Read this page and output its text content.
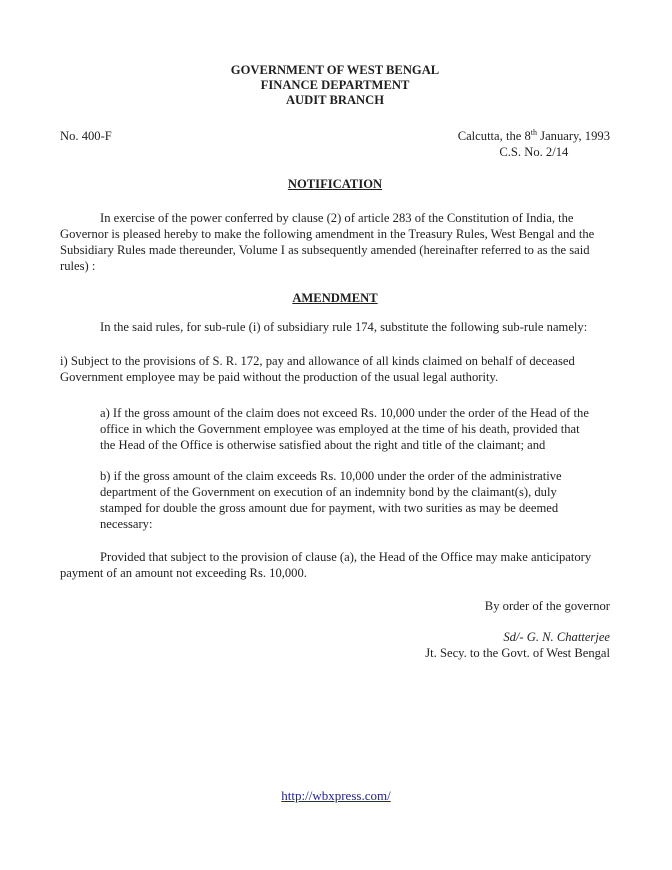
GOVERNMENT OF WEST BENGAL
FINANCE DEPARTMENT
AUDIT BRANCH
No. 400-F	Calcutta, the 8th January, 1993
C.S. No. 2/14
NOTIFICATION

In exercise of the power conferred by clause (2) of article 283 of the Constitution of India, the Governor is pleased hereby to make the following amendment in the Treasury Rules, West Bengal and the Subsidiary Rules made thereunder, Volume I as subsequently amended (hereinafter referred to as the said rules) :

AMENDMENT

In the said rules, for sub-rule (i) of subsidiary rule 174, substitute the following sub-rule namely:

i) Subject to the provisions of S. R. 172, pay and allowance of all kinds claimed on behalf of deceased Government employee may be paid without the production of the usual legal authority.

a) If the gross amount of the claim does not exceed Rs. 10,000 under the order of the Head of the office in which the Government employee was employed at the time of his death, provided that the Head of the Office is otherwise satisfied about the right and title of the claimant; and

b) if the gross amount of the claim exceeds Rs. 10,000 under the order of the administrative department of the Government on execution of an indemnity bond by the claimant(s), duly stamped for double the gross amount due for payment, with two surities as may be deemed necessary:

Provided that subject to the provision of clause (a), the Head of the Office may make anticipatory payment of an amount not exceeding Rs. 10,000.

By order of the governor

Sd/- G. N. Chatterjee

Jt. Secy. to the Govt. of West Bengal

http://wbxpress.com/
